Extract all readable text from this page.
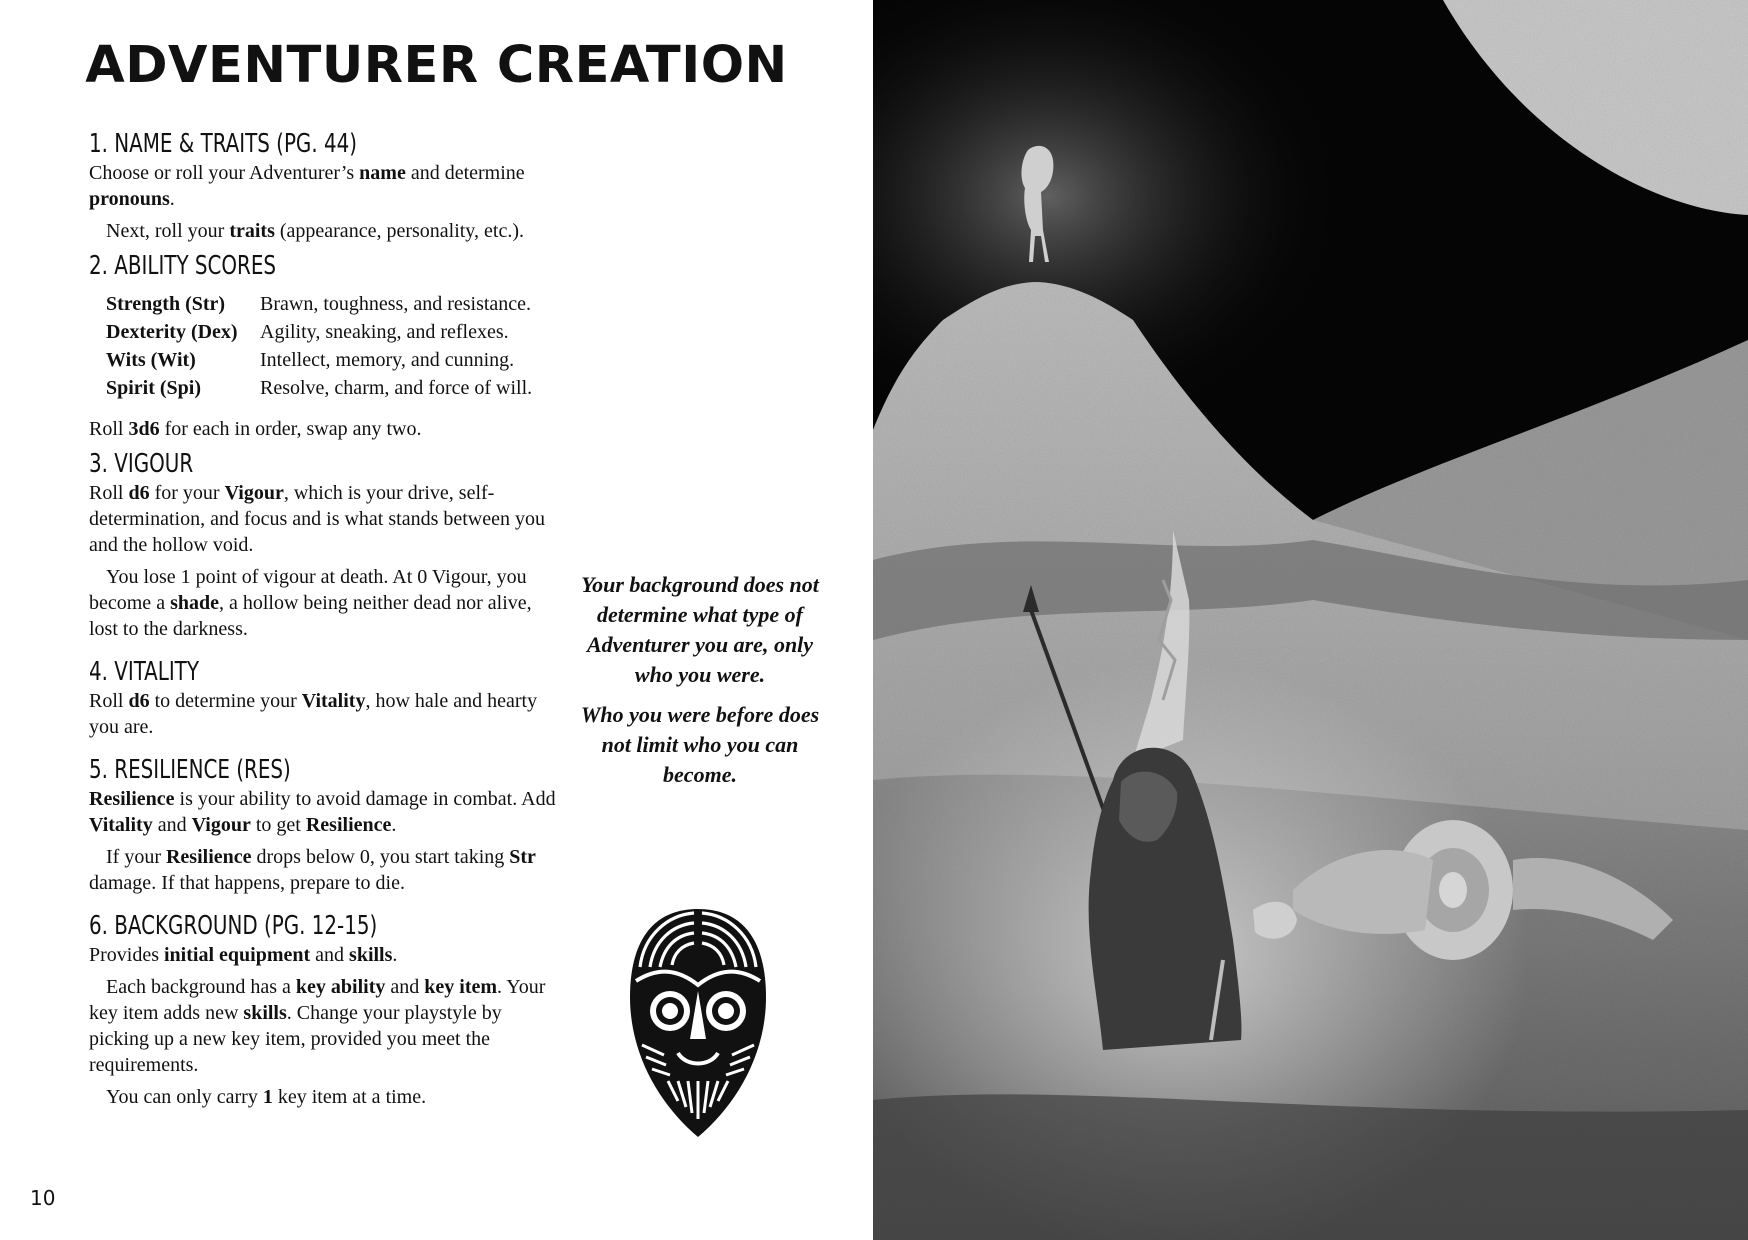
ADVENTURER CREATION
1. NAME & TRAITS (PG. 44)

Choose or roll your Adventurer’s name and determine pronouns.

Next, roll your traits (appearance, personality, etc.).

2. ABILITY SCORES
Strength (Str)	Brawn, toughness, and resistance.
Dexterity (Dex)	Agility, sneaking, and reflexes.
Wits (Wit)	Intellect, memory, and cunning.
Spirit (Spi)	Resolve, charm, and force of will.

Roll 3d6 for each in order, swap any two.

3. VIGOUR

Roll d6 for your Vigour, which is your drive, self-determination, and focus and is what stands between you and the hollow void.

You lose 1 point of vigour at death. At 0 Vigour, you become a shade, a hollow being neither dead nor alive, lost to the darkness.

4. VITALITY

Roll d6 to determine your Vitality, how hale and hearty you are.

5. RESILIENCE (RES)

Resilience is your ability to avoid damage in combat. Add Vitality and Vigour to get Resilience.

If your Resilience drops below 0, you start taking Str damage. If that happens, prepare to die.

6. BACKGROUND (PG. 12-15)

Provides initial equipment and skills.

Each background has a key ability and key item. Your key item adds new skills. Change your playstyle by picking up a new key item, provided you meet the requirements.

You can only carry 1 key item at a time.

Your background does not determine what type of Adventurer you are, only who you were.

Who you were before does not limit who you can become.

10
